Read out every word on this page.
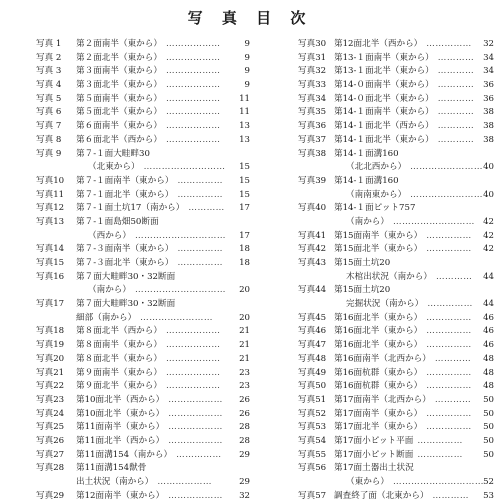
写 真 目 次
写真 1 第２面南半（東から） ………………	9
写真 2 第２面北半（東から） ………………	9
写真 3 第３面南半（東から） ………………	9
写真 4 第３面北半（東から） ………………	9
写真 5 第５面南半（東から） ……………… 11
写真 6 第５面北半（東から） ……………… 11
写真 7 第６面南半（東から） ……………… 13
写真 8 第６面北半（西から） ……………… 13
写真 9 第７-１面大畦畔30
（北東から） ……………………… 15
写真10 第７-１面南半（東から） …………… 15
写真11 第７-１面北半（東から） …………… 15
写真12 第７-１面土坑17（南から） ………… 17
写真13 第７-１面島畑50断面
（西から） ………………………… 17
写真14 第７-３面南半（東から） …………… 18
写真15 第７-３面北半（東から） …………… 18
写真16 第７面大畦畔30・32断面
（南から） ………………………… 20
写真17 第７面大畦畔30・32断面
細部（南から） ……………………	20
写真18 第８面北半（西から） ……………… 21
写真19 第８面南半（東から） ……………… 21
写真20 第８面北半（東から） ……………… 21
写真21 第９面南半（東から） ……………… 23
写真22 第９面北半（東から） ……………… 23
写真23 第10面北半（西から） ……………… 26
写真24 第10面北半（東から） ……………… 26
写真25 第11面南半（東から） ……………… 28
写真26 第11面北半（西から） ……………… 28
写真27 第11面溝154（南から） …………… 29
写真28 第11面溝154獣骨
出土状況（南から） ………………	29
写真29 第12面南半（東から） ……………… 32
写真30 第12面北半（西から） …………… 32
写真31 第13-１面南半（東から） ………… 34
写真32 第13-１面北半（東から） ………… 34
写真33 第14-０面南半（東から） ………… 36
写真34 第14-０面北半（東から） ………… 36
写真35 第14-１面南半（東から） ………… 38
写真36 第14-１面北半（西から） ………… 38
写真37 第14-１面北半（東から） ………… 38
写真38 第14-１面溝160
（北北西から） …………………… 40
写真39 第14-１面溝160
（南南東から） …………………… 40
写真40 第14-１面ピット757
（南から） ……………………… 42
写真41 第15面南半（東から） …………… 42
写真42 第15面北半（東から） …………… 42
写真43 第15面土坑20
木棺出状況（南から） ………… 44
写真44 第15面土坑20
完掘状況（南から） …………… 44
写真45 第16面北半（東から） …………… 46
写真46 第16面北半（東から） …………… 46
写真47 第16面北半（東から） …………… 46
写真48 第16面南半（北西から） ………… 48
写真49 第16面杭群（東から） …………… 48
写真50 第16面杭群（東から） …………… 48
写真51 第17面南半（北西から） ………… 50
写真52 第17面南半（東から） …………… 50
写真53 第17面北半（東から） …………… 50
写真54 第17面小ピット平面 …………… 50
写真55 第17面小ピット断面 …………… 50
写真56 第17面土器出土状況
（東から） ………………………… 52
写真57 調査終了面（北東から） ………… 53
